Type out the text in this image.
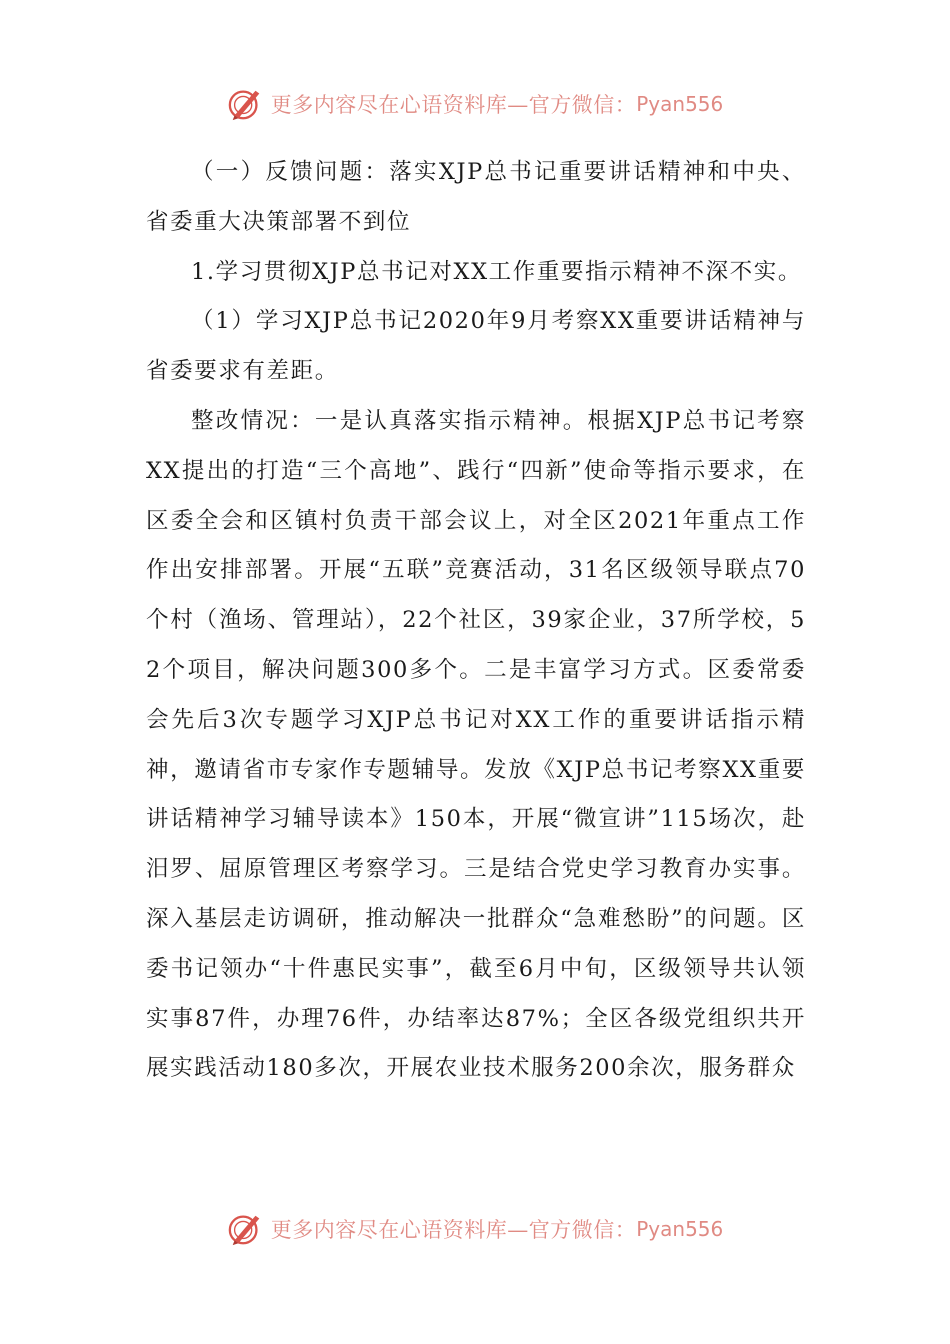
更多内容尽在心语资料库—官方微信： Pyan556

（一）反馈问题：落实XJP总书记重要讲话精神和中央、省委重大决策部署不到位

1.学习贯彻XJP总书记对XX工作重要指示精神不深不实。

（1）学习XJP总书记2020年9月考察XX重要讲话精神与省委要求有差距。

整改情况：一是认真落实指示精神。根据XJP总书记考察XX提出的打造“三个高地”、践行“四新”使命等指示要求，在区委全会和区镇村负责干部会议上，对全区2021年重点工作作出安排部署。开展“五联”竞赛活动，31名区级领导联点70个村（渔场、管理站），22个社区，39家企业，37所学校，52个项目，解决问题300多个。二是丰富学习方式。区委常委会先后3次专题学习XJP总书记对XX工作的重要讲话指示精神，邀请省市专家作专题辅导。发放《XJP总书记考察XX重要讲话精神学习辅导读本》150本，开展“微宣讲”115场次，赴汨罗、屈原管理区考察学习。三是结合党史学习教育办实事。深入基层走访调研，推动解决一批群众“急难愁盼”的问题。区委书记领办“十件惠民实事”，截至6月中旬，区级领导共认领实事87件，办理76件，办结率达87%；全区各级党组织共开展实践活动180多次，开展农业技术服务200余次，服务群众

更多内容尽在心语资料库—官方微信： Pyan556
